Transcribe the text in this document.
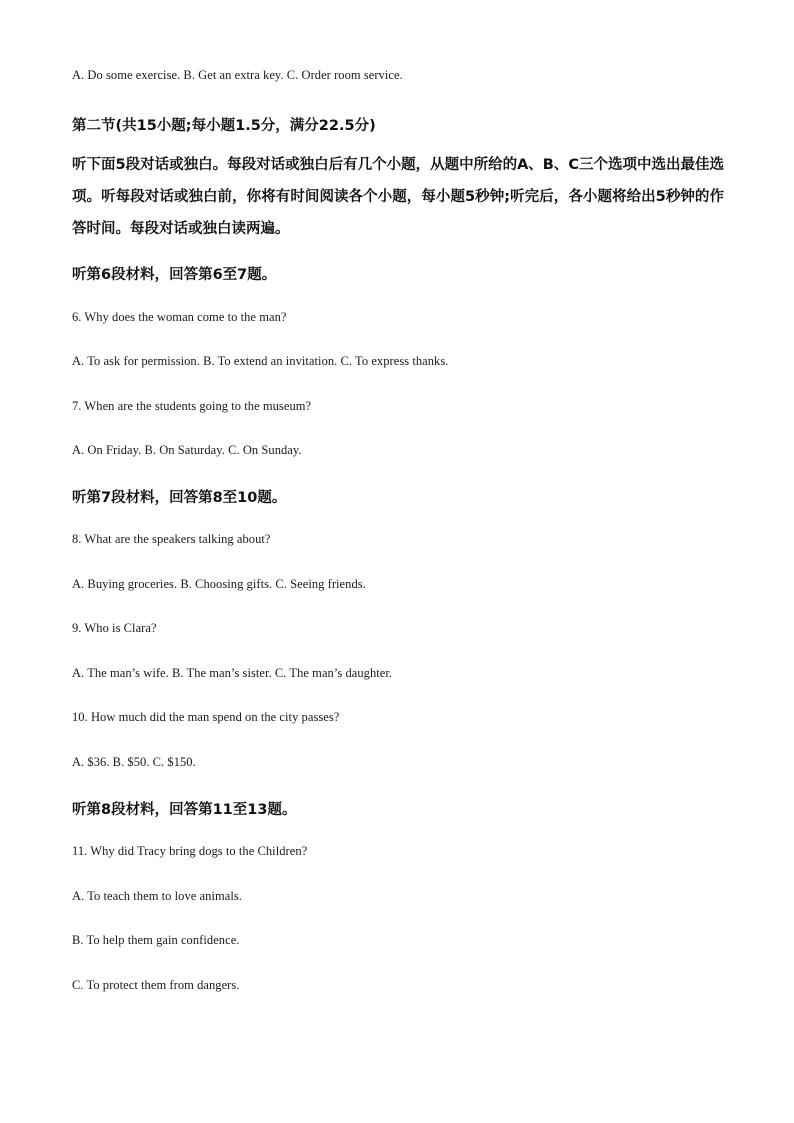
A. Do some exercise. B. Get an extra key. C. Order room service.

第二节(共15小题;每小题1.5分，满分22.5分)

听下面5段对话或独白。每段对话或独白后有几个小题，从题中所给的A、B、C三个选项中选出最佳选项。听每段对话或独白前，你将有时间阅读各个小题，每小题5秒钟;听完后，各小题将给出5秒钟的作答时间。每段对话或独白读两遍。

听第6段材料，回答第6至7题。

6. Why does the woman come to the man?

A. To ask for permission. B. To extend an invitation. C. To express thanks.

7. When are the students going to the museum?

A. On Friday. B. On Saturday. C. On Sunday.

听第7段材料，回答第8至10题。

8. What are the speakers talking about?

A. Buying groceries. B. Choosing gifts. C. Seeing friends.

9. Who is Clara?

A. The man’s wife. B. The man’s sister. C. The man’s daughter.

10. How much did the man spend on the city passes?

A. $36. B. $50. C. $150.

听第8段材料，回答第11至13题。

11. Why did Tracy bring dogs to the Children?

A. To teach them to love animals.

B. To help them gain confidence.

C. To protect them from dangers.
